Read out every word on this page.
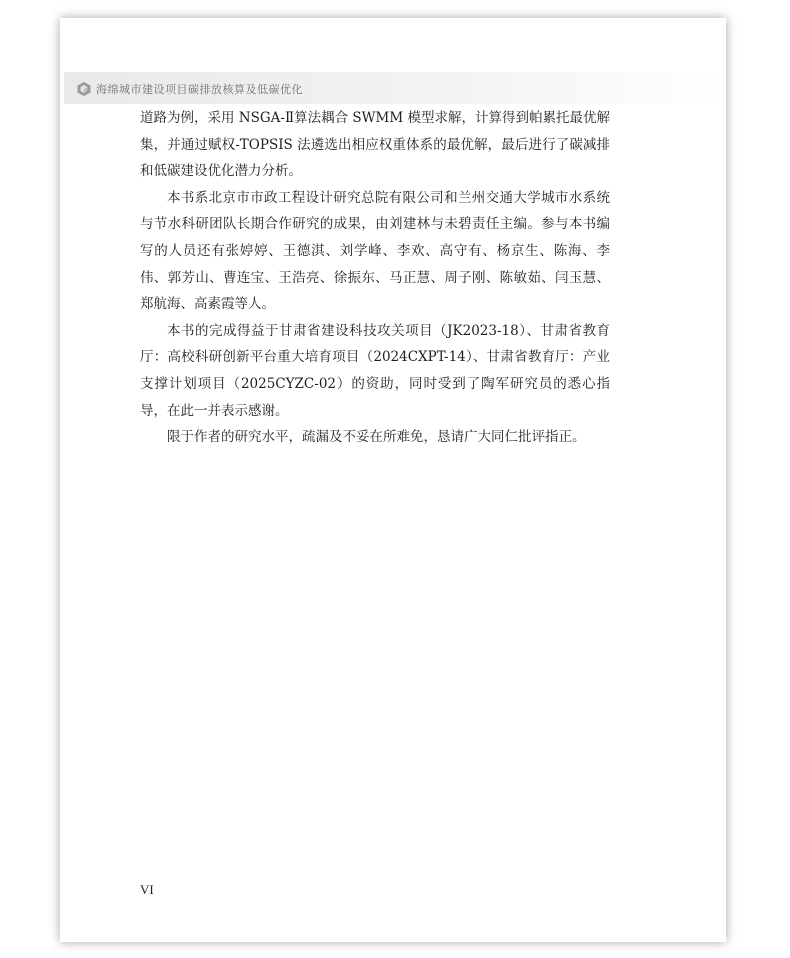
海绵城市建设项目碳排放核算及低碳优化

道路为例，采用 NSGA-Ⅱ算法耦合 SWMM 模型求解，计算得到帕累托最优解集，并通过赋权-TOPSIS 法遴选出相应权重体系的最优解，最后进行了碳减排和低碳建设优化潜力分析。

本书系北京市市政工程设计研究总院有限公司和兰州交通大学城市水系统与节水科研团队长期合作研究的成果，由刘建林与未碧责任主编。参与本书编写的人员还有张婷婷、王德淇、刘学峰、李欢、高守有、杨京生、陈海、李伟、郭芳山、曹连宝、王浩亮、徐振东、马正慧、周子刚、陈敏茹、闫玉慧、郑航海、高素霞等人。

本书的完成得益于甘肃省建设科技攻关项目（JK2023-18）、甘肃省教育厅：高校科研创新平台重大培育项目（2024CXPT-14）、甘肃省教育厅：产业支撑计划项目（2025CYZC-02）的资助，同时受到了陶军研究员的悉心指导，在此一并表示感谢。

限于作者的研究水平，疏漏及不妥在所难免，恳请广大同仁批评指正。

VI
